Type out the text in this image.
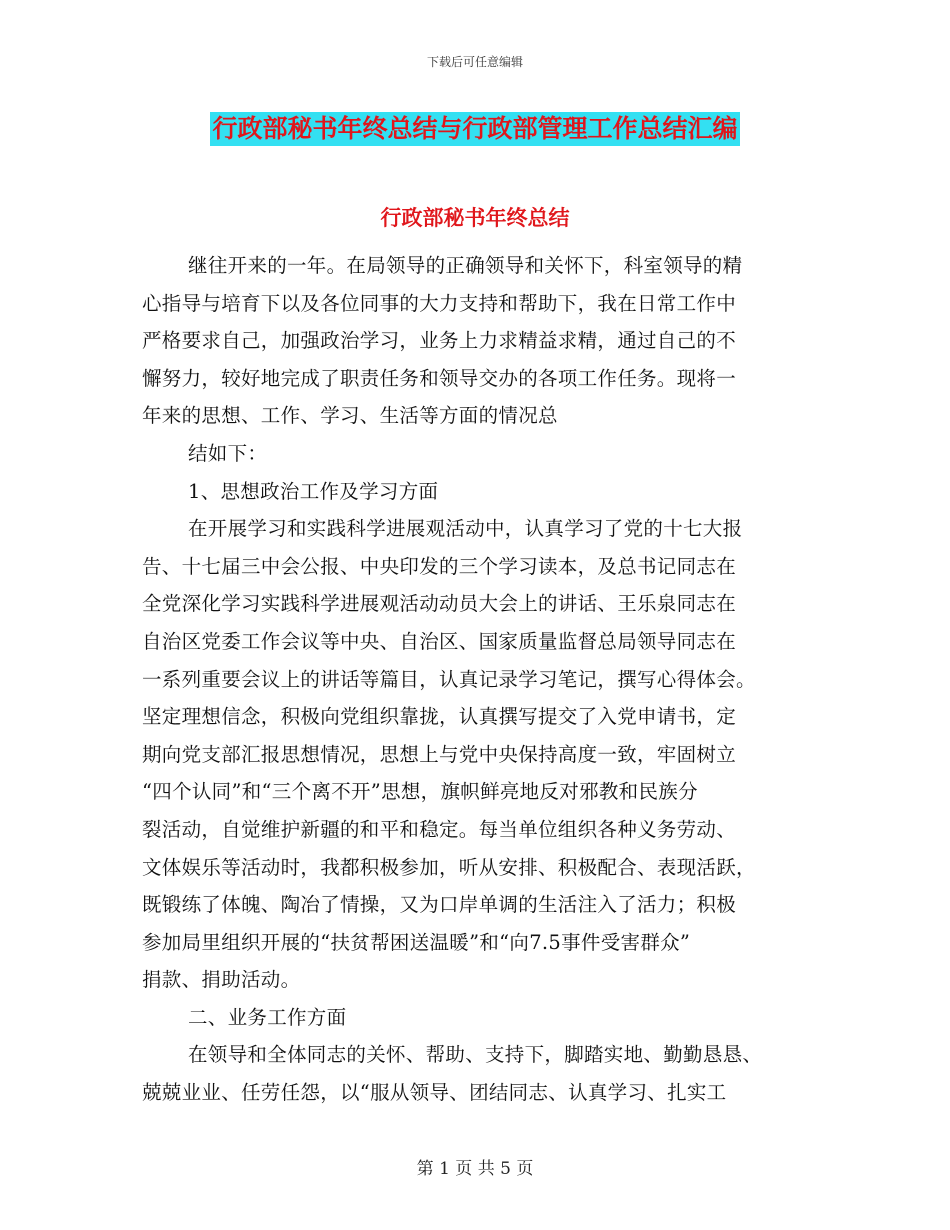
下载后可任意编辑
行政部秘书年终总结与行政部管理工作总结汇编
行政部秘书年终总结
继往开来的一年。在局领导的正确领导和关怀下，科室领导的精
心指导与培育下以及各位同事的大力支持和帮助下，我在日常工作中
严格要求自己，加强政治学习，业务上力求精益求精，通过自己的不
懈努力，较好地完成了职责任务和领导交办的各项工作任务。现将一
年来的思想、工作、学习、生活等方面的情况总
结如下：
1、思想政治工作及学习方面
在开展学习和实践科学进展观活动中，认真学习了党的十七大报
告、十七届三中会公报、中央印发的三个学习读本，及总书记同志在
全党深化学习实践科学进展观活动动员大会上的讲话、王乐泉同志在
自治区党委工作会议等中央、自治区、国家质量监督总局领导同志在
一系列重要会议上的讲话等篇目，认真记录学习笔记，撰写心得体会。
坚定理想信念，积极向党组织靠拢，认真撰写提交了入党申请书，定
期向党支部汇报思想情况，思想上与党中央保持高度一致，牢固树立
“四个认同”和“三个离不开”思想，旗帜鲜亮地反对邪教和民族分
裂活动，自觉维护新疆的和平和稳定。每当单位组织各种义务劳动、
文体娱乐等活动时，我都积极参加，听从安排、积极配合、表现活跃，
既锻练了体魄、陶冶了情操，又为口岸单调的生活注入了活力；积极
参加局里组织开展的“扶贫帮困送温暖”和“向7.5事件受害群众”
捐款、捐助活动。
二、业务工作方面
在领导和全体同志的关怀、帮助、支持下，脚踏实地、勤勤恳恳、
兢兢业业、任劳任怨，以“服从领导、团结同志、认真学习、扎实工
第 1 页 共 5 页
